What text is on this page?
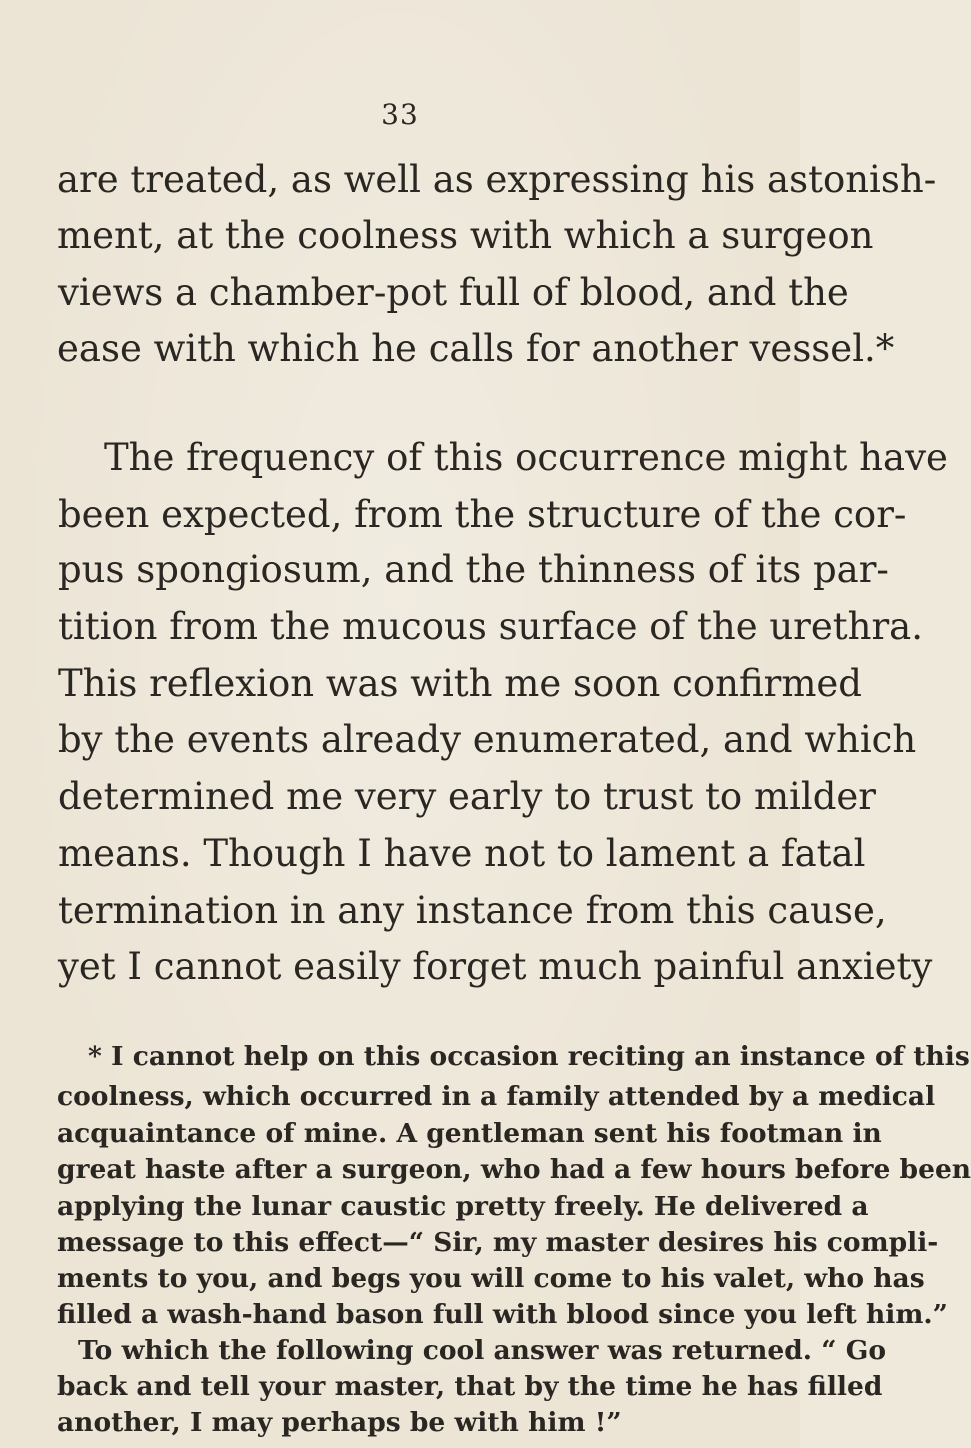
33
are treated, as well as expressing his astonish-
ment, at the coolness with which a surgeon
views a chamber-pot full of blood, and the
ease with which he calls for another vessel.*
The frequency of this occurrence might have
been expected, from the structure of the cor-
pus spongiosum, and the thinness of its par-
tition from the mucous surface of the urethra.
This reflexion was with me soon confirmed
by the events already enumerated, and which
determined me very early to trust to milder
means. Though I have not to lament a fatal
termination in any instance from this cause,
yet I cannot easily forget much painful anxiety
* I cannot help on this occasion reciting an instance of this
coolness, which occurred in a family attended by a medical
acquaintance of mine. A gentleman sent his footman in
great haste after a surgeon, who had a few hours before been
applying the lunar caustic pretty freely. He delivered a
message to this effect—“ Sir, my master desires his compli-
ments to you, and begs you will come to his valet, who has
filled a wash-hand bason full with blood since you left him.”
To which the following cool answer was returned. “ Go
back and tell your master, that by the time he has filled
another, I may perhaps be with him !”
